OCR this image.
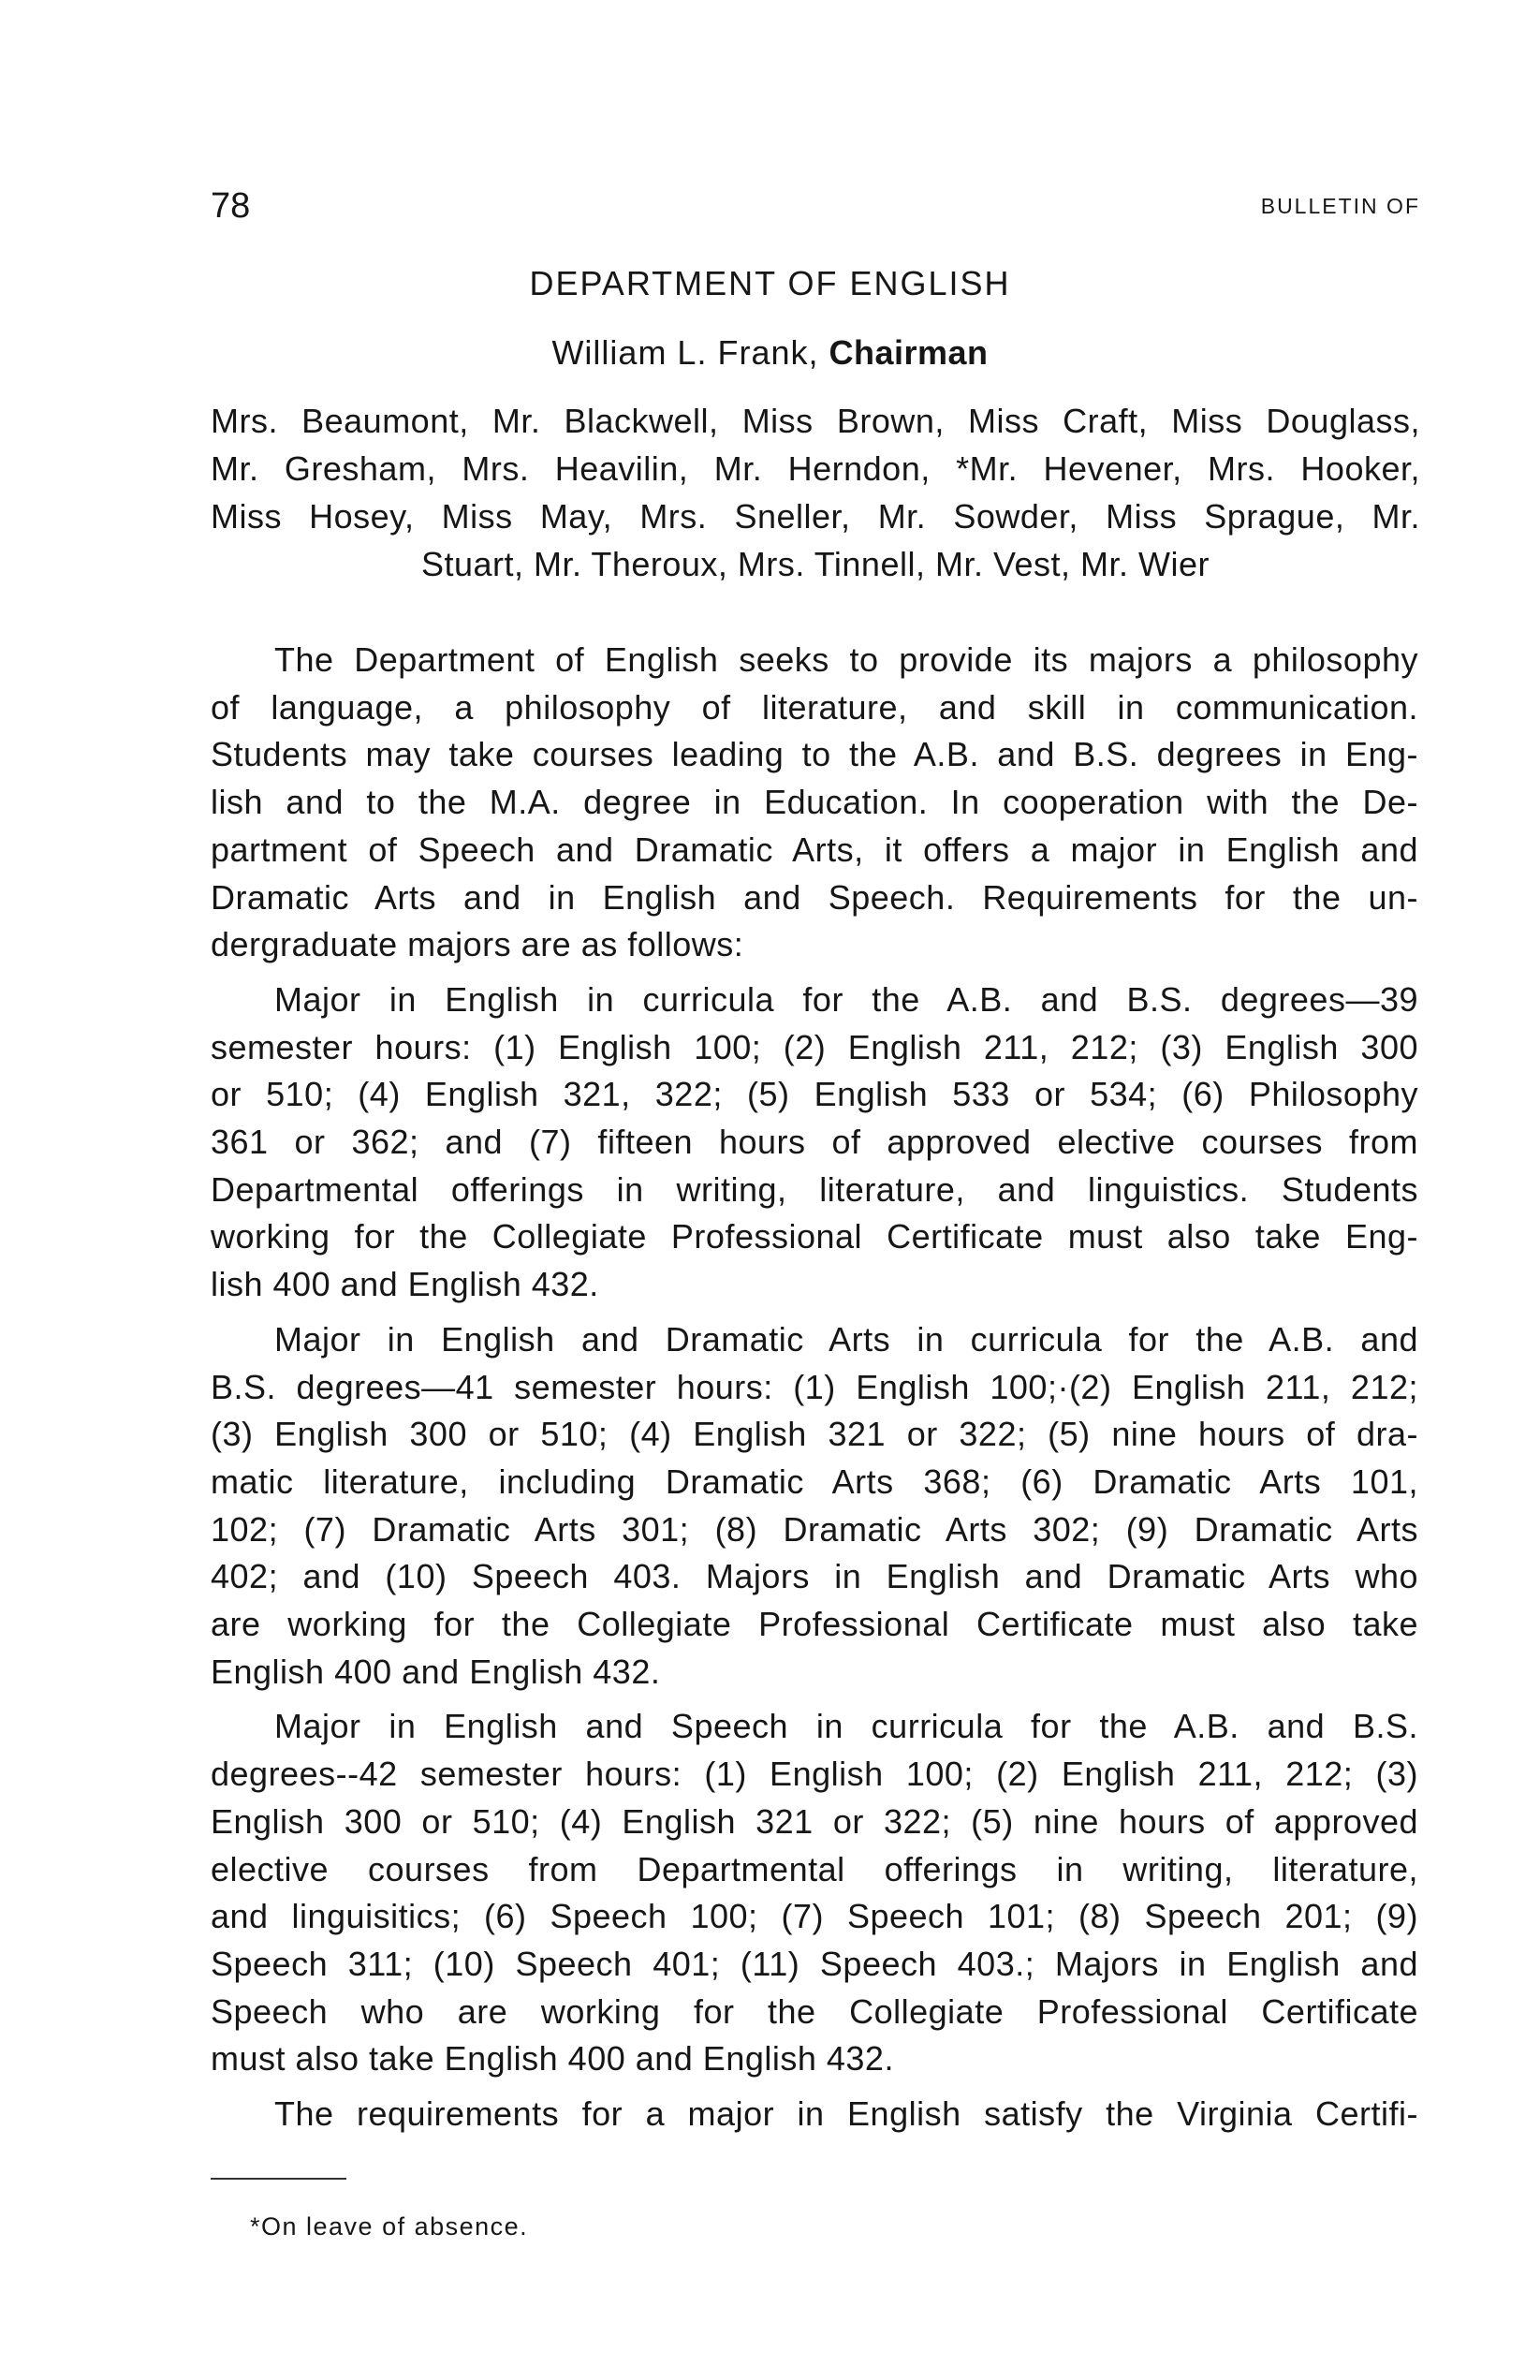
78	BULLETIN OF
DEPARTMENT OF ENGLISH
William L. Frank, Chairman
Mrs. Beaumont, Mr. Blackwell, Miss Brown, Miss Craft, Miss Douglass,
Mr. Gresham, Mrs. Heavilin, Mr. Herndon, *Mr. Hevener, Mrs. Hooker,
Miss Hosey, Miss May, Mrs. Sneller, Mr. Sowder, Miss Sprague, Mr.
Stuart, Mr. Theroux, Mrs. Tinnell, Mr. Vest, Mr. Wier
The Department of English seeks to provide its majors a philosophy
of language, a philosophy of literature, and skill in communication.
Students may take courses leading to the A.B. and B.S. degrees in Eng-
lish and to the M.A. degree in Education. In cooperation with the De-
partment of Speech and Dramatic Arts, it offers a major in English and
Dramatic Arts and in English and Speech. Requirements for the un-
dergraduate majors are as follows:
Major in English in curricula for the A.B. and B.S. degrees—39
semester hours: (1) English 100; (2) English 211, 212; (3) English 300
or 510; (4) English 321, 322; (5) English 533 or 534; (6) Philosophy
361 or 362; and (7) fifteen hours of approved elective courses from
Departmental offerings in writing, literature, and linguistics. Students
working for the Collegiate Professional Certificate must also take Eng-
lish 400 and English 432.
Major in English and Dramatic Arts in curricula for the A.B. and
B.S. degrees—41 semester hours: (1) English 100;·(2) English 211, 212;
(3) English 300 or 510; (4) English 321 or 322; (5) nine hours of dra-
matic literature, including Dramatic Arts 368; (6) Dramatic Arts 101,
102; (7) Dramatic Arts 301; (8) Dramatic Arts 302; (9) Dramatic Arts
402; and (10) Speech 403. Majors in English and Dramatic Arts who
are working for the Collegiate Professional Certificate must also take
English 400 and English 432.
Major in English and Speech in curricula for the A.B. and B.S.
degrees--42 semester hours: (1) English 100; (2) English 211, 212; (3)
English 300 or 510; (4) English 321 or 322; (5) nine hours of approved
elective courses from Departmental offerings in writing, literature,
and linguisitics; (6) Speech 100; (7) Speech 101; (8) Speech 201; (9)
Speech 311; (10) Speech 401; (11) Speech 403.; Majors in English and
Speech who are working for the Collegiate Professional Certificate
must also take English 400 and English 432.
The requirements for a major in English satisfy the Virginia Certifi-
*On leave of absence.
